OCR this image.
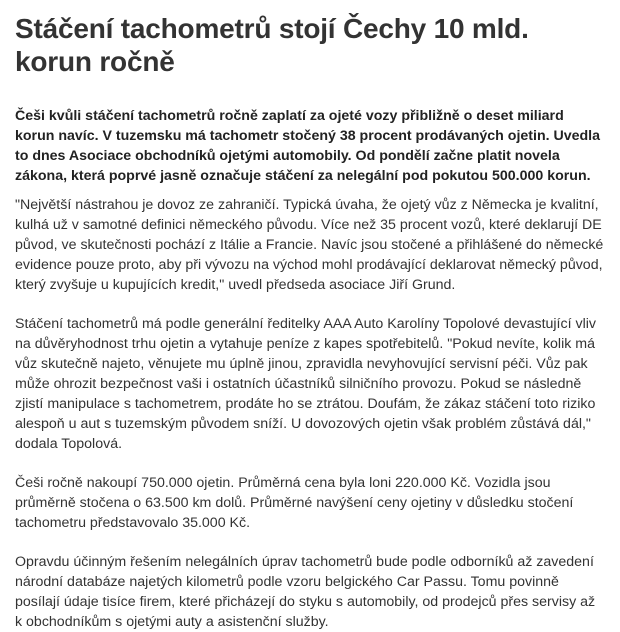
Stáčení tachometrů stojí Čechy 10 mld. korun ročně

Češi kvůli stáčení tachometrů ročně zaplatí za ojeté vozy přibližně o deset miliard korun navíc. V tuzemsku má tachometr stočený 38 procent prodávaných ojetin. Uvedla to dnes Asociace obchodníků ojetými automobily. Od pondělí začne platit novela zákona, která poprvé jasně označuje stáčení za nelegální pod pokutou 500.000 korun.

"Největší nástrahou je dovoz ze zahraničí. Typická úvaha, že ojetý vůz z Německa je kvalitní, kulhá už v samotné definici německého původu. Více než 35 procent vozů, které deklarují DE původ, ve skutečnosti pochází z Itálie a Francie. Navíc jsou stočené a přihlášené do německé evidence pouze proto, aby při vývozu na východ mohl prodávající deklarovat německý původ, který zvyšuje u kupujících kredit," uvedl předseda asociace Jiří Grund.

Stáčení tachometrů má podle generální ředitelky AAA Auto Karolíny Topolové devastující vliv na důvěryhodnost trhu ojetin a vytahuje peníze z kapes spotřebitelů. "Pokud nevíte, kolik má vůz skutečně najeto, věnujete mu úplně jinou, zpravidla nevyhovující servisní péči. Vůz pak může ohrozit bezpečnost vaši i ostatních účastníků silničního provozu. Pokud se následně zjistí manipulace s tachometrem, prodáte ho se ztrátou. Doufám, že zákaz stáčení toto riziko alespoň u aut s tuzemským původem sníží. U dovozových ojetin však problém zůstává dál," dodala Topolová.

Češi ročně nakoupí 750.000 ojetin. Průměrná cena byla loni 220.000 Kč. Vozidla jsou průměrně stočena o 63.500 km dolů. Průměrné navýšení ceny ojetiny v důsledku stočení tachometru představovalo 35.000 Kč.

Opravdu účinným řešením nelegálních úprav tachometrů bude podle odborníků až zavedení národní databáze najetých kilometrů podle vzoru belgického Car Passu. Tomu povinně posílají údaje tisíce firem, které přicházejí do styku s automobily, od prodejců přes servisy až k obchodníkům s ojetými auty a asistenční služby.
